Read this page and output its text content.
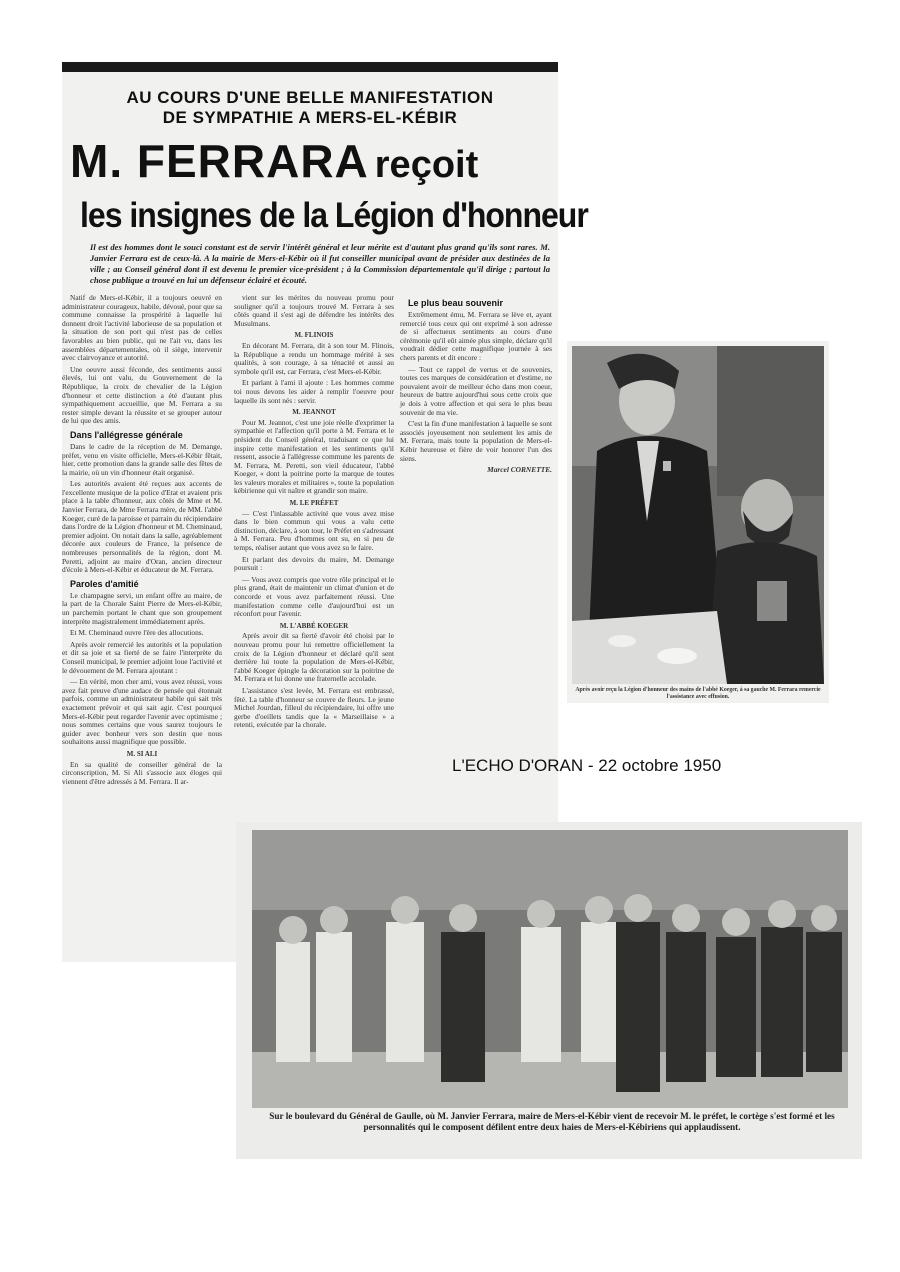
AU COURS D'UNE BELLE MANIFESTATION
DE SYMPATHIE A MERS-EL-KÉBIR
M. FERRARA reçoit
les insignes de la Légion d'honneur
Il est des hommes dont le souci constant est de servir l'intérêt général et leur mérite est d'autant plus grand qu'ils sont rares. M. Janvier Ferrara est de ceux-là. A la mairie de Mers-el-Kébir où il fut conseiller municipal avant de présider aux destinées de la ville ; au Conseil général dont il est devenu le premier vice-président ; à la Commission départementale qu'il dirige ; partout la chose publique a trouvé en lui un défenseur éclairé et écouté.

Natif de Mers-el-Kébir, il a toujours oeuvré en administrateur courageux, habile, dévoué, pour que sa commune connaisse la prospérité à laquelle lui donnent droit l'activité laborieuse de sa population et la situation de son port qui n'est pas de celles favorables au bien public, qui ne l'ait vu, dans les assemblées départementales, où il siège, intervenir avec clairvoyance et autorité.

Une oeuvre aussi féconde, des sentiments aussi élevés, lui ont valu, du Gouvernement de la République, la croix de chevalier de la Légion d'honneur et cette distinction a été d'autant plus sympathiquement accueillie, que M. Ferrara a su rester simple devant la réussite et se grouper autour de lui que des amis.

Dans l'allégresse générale

Dans le cadre de la réception de M. Demange, préfet, venu en visite officielle, Mers-el-Kébir fêtait, hier, cette promotion dans la grande salle des fêtes de la mairie, où un vin d'honneur était organisé.

Les autorités avaient été reçues aux accents de l'excellente musique de la police d'Etat et avaient pris place à la table d'honneur, aux côtés de Mme et M. Janvier Ferrara, de Mme Ferrara mère, de MM. l'abbé Koeger, curé de la paroisse et parrain du récipiendaire dans l'ordre de la Légion d'honneur et M. Cheminaud, premier adjoint. On notait dans la salle, agréablement décorée aux couleurs de France, la présence de nombreuses personnalités de la région, dont M. Peretti, adjoint au maire d'Oran, ancien directeur d'école à Mers-el-Kébir et éducateur de M. Ferrara.

Paroles d'amitié

Le champagne servi, un enfant offre au maire, de la part de la Chorale Saint Pierre de Mers-el-Kébir, un parchemin portant le chant que son groupement interprète magistralement immédiatement après.

Et M. Cheminaud ouvre l'ère des allocutions.

Après avoir remercié les autorités et la population et dit sa joie et sa fierté de se faire l'interprète du Conseil municipal, le premier adjoint loue l'activité et le dévouement de M. Ferrara ajoutant :

— En vérité, mon cher ami, vous avez réussi, vous avez fait preuve d'une audace de pensée qui étonnait parfois, comme un administrateur habile qui sait très exactement prévoir et qui sait agir. C'est pourquoi Mers-el-Kébir peut regarder l'avenir avec optimisme ; nous sommes certains que vous saurez toujours le guider avec bonheur vers son destin que nous souhaitons aussi magnifique que possible.

M. SI ALI

En sa qualité de conseiller général de la circonscription, M. Si Ali s'associe aux éloges qui viennent d'être adressés à M. Ferrara. Il ar-

vient sur les mérites du nouveau promu pour souligner qu'il a toujours trouvé M. Ferrara à ses côtés quand il s'est agi de défendre les intérêts des Musulmans.

M. FLINOIS

En décorant M. Ferrara, dit à son tour M. Flinois, la République a rendu un hommage mérité à ses qualités, à son courage, à sa ténacité et aussi au symbole qu'il est, car Ferrara, c'est Mers-el-Kébir.

Et parlant à l'ami il ajoute : Les hommes comme toi nous devons les aider à remplir l'oeuvre pour laquelle ils sont nés : servir.

M. JEANNOT

Pour M. Jeannot, c'est une joie réelle d'exprimer la sympathie et l'affection qu'il porte à M. Ferrara et le président du Conseil général, traduisant ce que lui inspire cette manifestation et les sentiments qu'il ressent, associe à l'allégresse commune les parents de M. Ferrara, M. Peretti, son vieil éducateur, l'abbé Koeger, « dont la poitrine porte la marque de toutes les valeurs morales et militaires », toute la population kébirienne qui vit naître et grandir son maire.

M. LE PRÉFET

— C'est l'inlassable activité que vous avez mise dans le bien commun qui vous a valu cette distinction, déclare, à son tour, le Préfet en s'adressant à M. Ferrara. Peu d'hommes ont su, en si peu de temps, réaliser autant que vous avez su le faire.

Et parlant des devoirs du maire, M. Demange poursuit :

— Vous avez compris que votre rôle principal et le plus grand, était de maintenir un climat d'union et de concorde et vous avez parfaitement réussi. Une manifestation comme celle d'aujourd'hui est un réconfort pour l'avenir.

M. L'ABBÉ KOEGER

Après avoir dit sa fierté d'avoir été choisi par le nouveau promu pour lui remettre officiellement la croix de la Légion d'honneur et déclaré qu'il sent derrière lui toute la population de Mers-el-Kébir, l'abbé Koeger épingle la décoration sur la poitrine de M. Ferrara et lui donne une fraternelle accolade.

L'assistance s'est levée, M. Ferrara est embrassé, fêté. La table d'honneur se couvre de fleurs. Le jeune Michel Jourdan, filleul du récipiendaire, lui offre une gerbe d'oeillets tandis que la « Marseillaise » a retenti, exécutée par la chorale.

Le plus beau souvenir

Extrêmement ému, M. Ferrara se lève et, ayant remercié tous ceux qui ont exprimé à son adresse de si affectueux sentiments au cours d'une cérémonie qu'il eût aimée plus simple, déclare qu'il voudrait dédier cette magnifique journée à ses chers parents et dit encore :

— Tout ce rappel de vertus et de souvenirs, toutes ces marques de considération et d'estime, ne pouvaient avoir de meilleur écho dans mon coeur, heureux de battre aujourd'hui sous cette croix que je dois à votre affection et qui sera le plus beau souvenir de ma vie.

C'est la fin d'une manifestation à laquelle se sont associés joyeusement non seulement les amis de M. Ferrara, mais toute la population de Mers-el-Kébir heureuse et fière de voir honorer l'un des siens.

Marcel CORNETTE.

Après avoir reçu la Légion d'honneur des mains de l'abbé Koeger, à sa gauche M. Ferrara remercie l'assistance avec effusion.
L'ECHO D'ORAN - 22 octobre 1950
Sur le boulevard du Général de Gaulle, où M. Janvier Ferrara, maire de Mers-el-Kébir vient de recevoir M. le préfet, le cortège s'est formé et les personnalités qui le composent défilent entre deux haies de Mers-el-Kébiriens qui applaudissent.
